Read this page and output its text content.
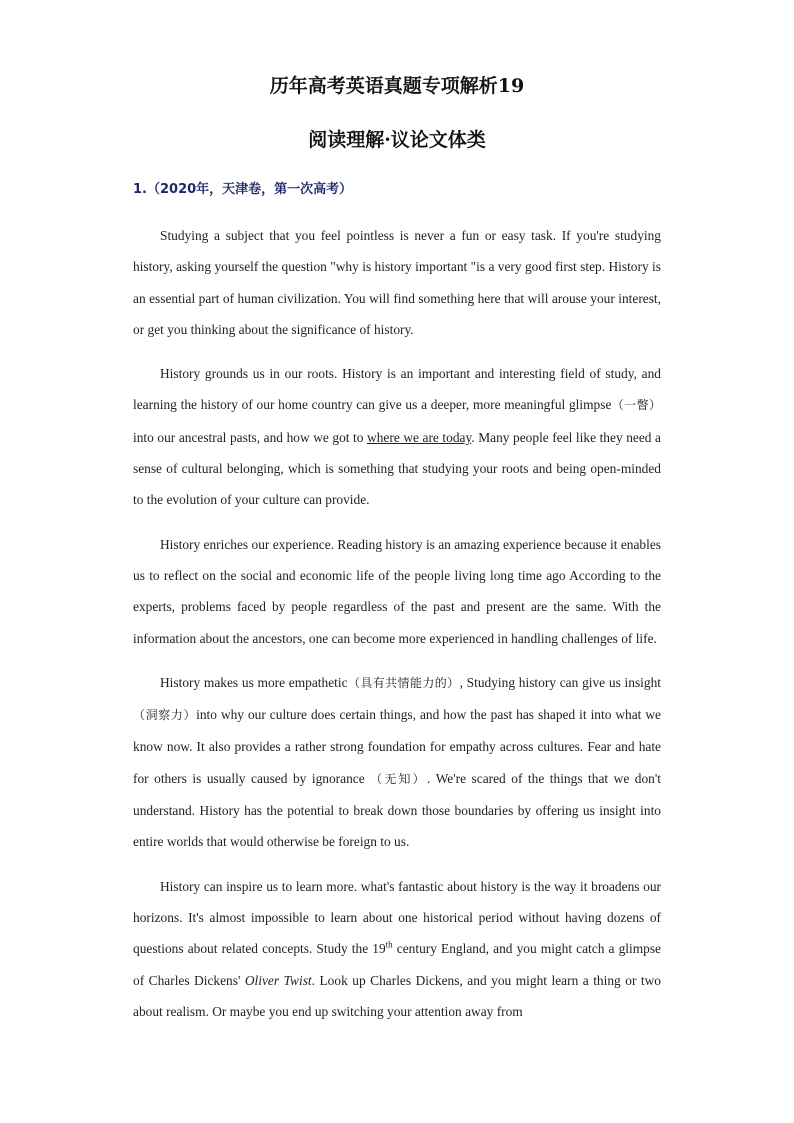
历年高考英语真题专项解析19
阅读理解·议论文体类
1.（2020年，天津卷，第一次高考）

Studying a subject that you feel pointless is never a fun or easy task. If you're studying history, asking yourself the question "why is history important "is a very good first step. History is an essential part of human civilization. You will find something here that will arouse your interest, or get you thinking about the significance of history.

History grounds us in our roots. History is an important and interesting field of study, and learning the history of our home country can give us a deeper, more meaningful glimpse（一瞥）into our ancestral pasts, and how we got to where we are today. Many people feel like they need a sense of cultural belonging, which is something that studying your roots and being open-minded to the evolution of your culture can provide.

History enriches our experience. Reading history is an amazing experience because it enables us to reflect on the social and economic life of the people living long time ago According to the experts, problems faced by people regardless of the past and present are the same. With the information about the ancestors, one can become more experienced in handling challenges of life.

History makes us more empathetic（具有共情能力的）, Studying history can give us insight （洞察力）into why our culture does certain things, and how the past has shaped it into what we know now. It also provides a rather strong foundation for empathy across cultures. Fear and hate for others is usually caused by ignorance （无知）. We're scared of the things that we don't understand. History has the potential to break down those boundaries by offering us insight into entire worlds that would otherwise be foreign to us.

History can inspire us to learn more. what's fantastic about history is the way it broadens our horizons. It's almost impossible to learn about one historical period without having dozens of questions about related concepts. Study the 19th century England, and you might catch a glimpse of Charles Dickens' Oliver Twist. Look up Charles Dickens, and you might learn a thing or two about realism. Or maybe you end up switching your attention away from
